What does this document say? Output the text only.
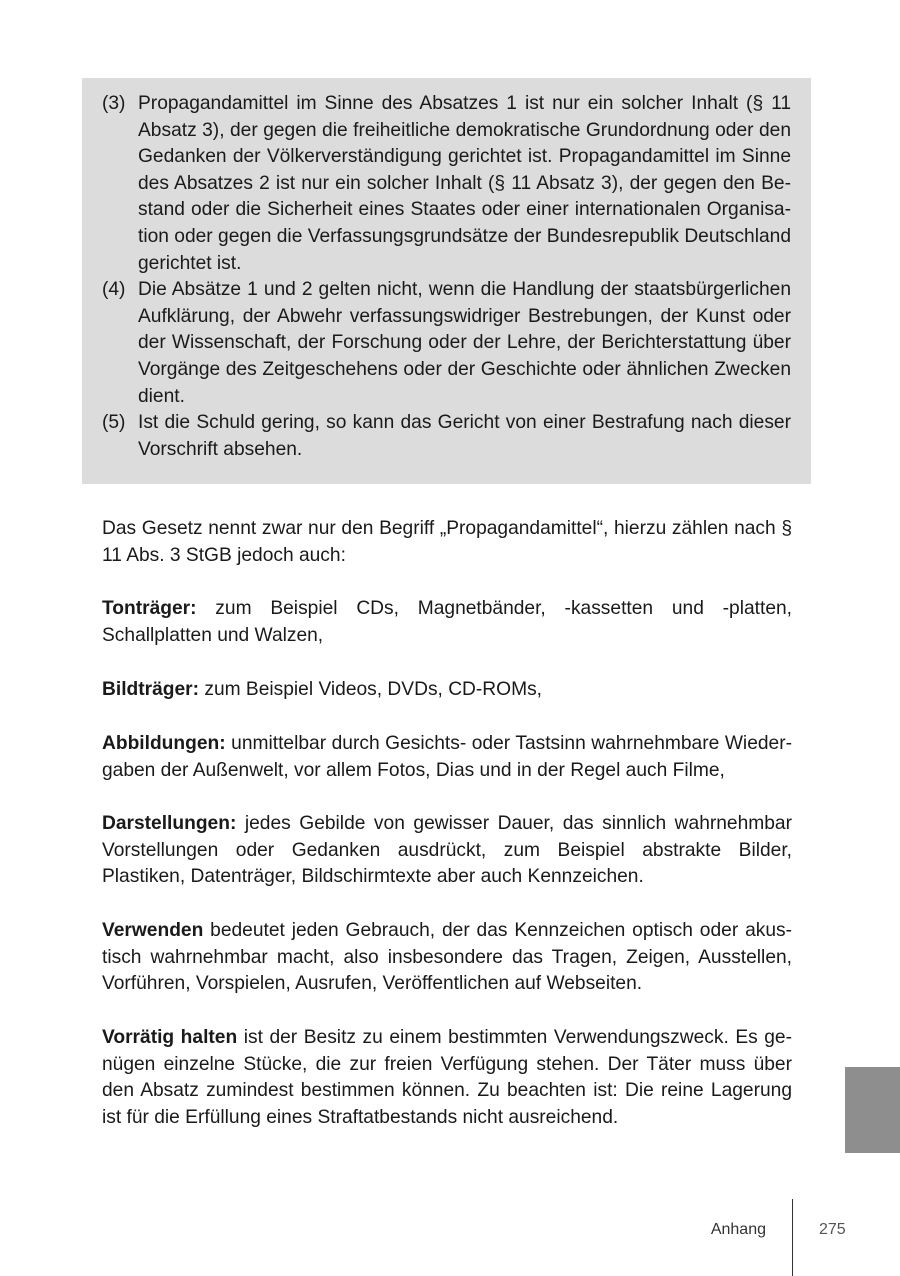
(3) Propagandamittel im Sinne des Absatzes 1 ist nur ein solcher Inhalt (§ 11 Absatz 3), der gegen die freiheitliche demokratische Grundordnung oder den Gedanken der Völkerverständigung gerichtet ist. Propagandamittel im Sinne des Absatzes 2 ist nur ein solcher Inhalt (§ 11 Absatz 3), der gegen den Bestand oder die Sicherheit eines Staates oder einer internationalen Organisation oder gegen die Verfassungsgrundsätze der Bundesrepublik Deutschland gerichtet ist.
(4) Die Absätze 1 und 2 gelten nicht, wenn die Handlung der staatsbürgerlichen Aufklärung, der Abwehr verfassungswidriger Bestrebungen, der Kunst oder der Wissenschaft, der Forschung oder der Lehre, der Berichterstattung über Vorgänge des Zeitgeschehens oder der Geschichte oder ähnlichen Zwecken dient.
(5) Ist die Schuld gering, so kann das Gericht von einer Bestrafung nach dieser Vorschrift absehen.

Das Gesetz nennt zwar nur den Begriff „Propagandamittel“, hierzu zählen nach § 11 Abs. 3 StGB jedoch auch:

Tonträger: zum Beispiel CDs, Magnetbänder, -kassetten und -platten, Schallplatten und Walzen,

Bildträger: zum Beispiel Videos, DVDs, CD-ROMs,

Abbildungen: unmittelbar durch Gesichts- oder Tastsinn wahrnehmbare Wiedergaben der Außenwelt, vor allem Fotos, Dias und in der Regel auch Filme,

Darstellungen: jedes Gebilde von gewisser Dauer, das sinnlich wahrnehmbar Vorstellungen oder Gedanken ausdrückt, zum Beispiel abstrakte Bilder, Plastiken, Datenträger, Bildschirmtexte aber auch Kennzeichen.

Verwenden bedeutet jeden Gebrauch, der das Kennzeichen optisch oder akustisch wahrnehmbar macht, also insbesondere das Tragen, Zeigen, Ausstellen, Vorführen, Vorspielen, Ausrufen, Veröffentlichen auf Webseiten.

Vorrätig halten ist der Besitz zu einem bestimmten Verwendungszweck. Es genügen einzelne Stücke, die zur freien Verfügung stehen. Der Täter muss über den Absatz zumindest bestimmen können. Zu beachten ist: Die reine Lagerung ist für die Erfüllung eines Straftatbestands nicht ausreichend.

Anhang	275
